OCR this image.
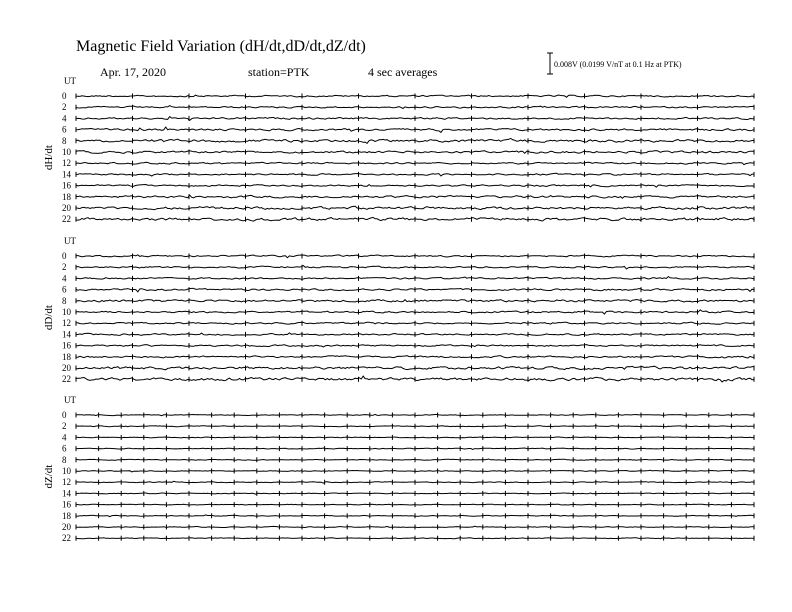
Magnetic Field Variation (dH/dt,dD/dt,dZ/dt)
Apr. 17, 2020	station=PTK	4 sec averages
0.008V (0.0199 V/nT at 0.1 Hz at PTK)
UT
dH/dt
0
2
4
6
8
10
12
14
16
18
20
22
UT
dD/dt
0
2
4
6
8
10
12
14
16
18
20
22
UT
dZ/dt
0
2
4
6
8
10
12
14
16
18
20
22
